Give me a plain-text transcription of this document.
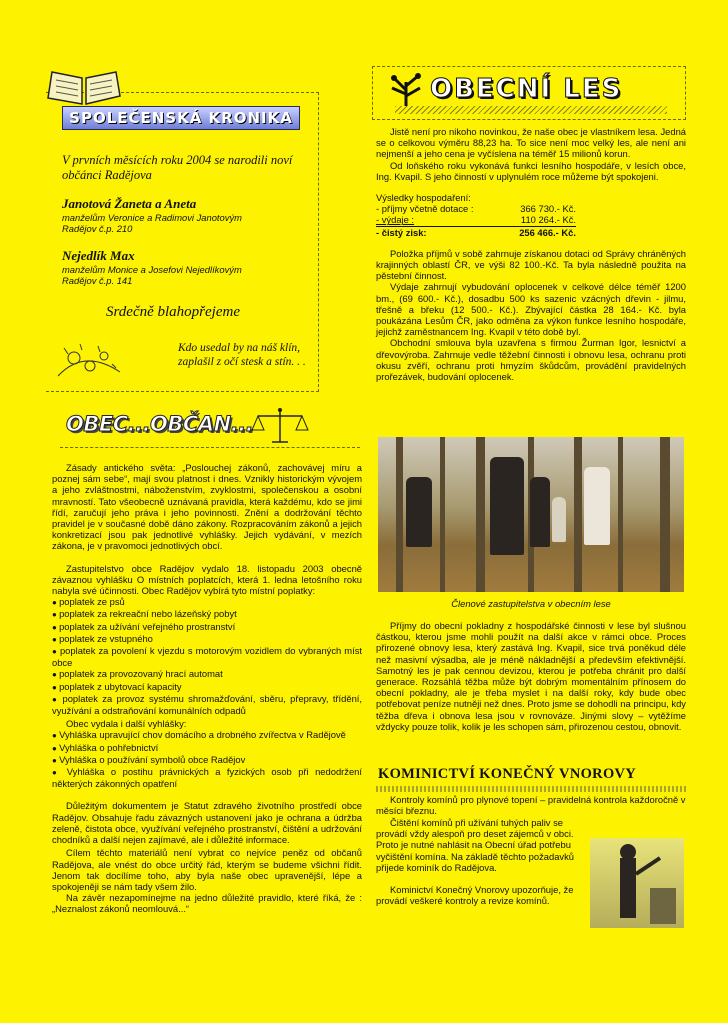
SPOLEČENSKÁ KRONIKA
V prvních měsících roku 2004 se narodili noví občánci Radějova
Janotová Žaneta a Aneta
manželům Veronice a Radimovi Janotovým
Radějov č.p. 210
Nejedlík Max
manželům Monice a Josefovi Nejedlíkovým
Radějov č.p. 141
Srdečně blahopřejeme
Kdo usedal by na náš klín,
zaplašil z očí stesk a stín. . .
OBEC...OBČAN...

Zásady antického světa: „Poslouchej zákonů, zachovávej míru a poznej sám sebe“, mají svou platnost i dnes. Vznikly historickým vývojem a jeho zvláštnostmi, náboženstvím, zvyklostmi, společenskou a osobní mravností. Tato všeobecně uznávaná pravidla, která každému, kdo se jimi řídí, zaručují jeho práva i jeho povinnosti. Znění a dodržování těchto pravidel je v současné době dáno zákony. Rozpracováním zákonů a jejich konkretizací jsou pak jednotlivé vyhlášky. Jejich vydávání, v mezích zákona, je v pravomoci jednotlivých obcí.

Zastupitelstvo obce Radějov vydalo 18. listopadu 2003 obecně závaznou vyhlášku O místních poplatcích, která 1. ledna letošního roku nabyla své účinnosti. Obec Radějov vybírá tyto místní poplatky:

● poplatek ze psů

● poplatek za rekreační nebo lázeňský pobyt

● poplatek za užívání veřejného prostranství

● poplatek ze vstupného

● poplatek za povolení k vjezdu s motorovým vozidlem do vybraných míst obce

● poplatek za provozovaný hrací automat

● poplatek z ubytovací kapacity

● poplatek za provoz systému shromažďování, sběru, přepravy, třídění, využívání a odstraňování komunálních odpadů

Obec vydala i další vyhlášky:

● Vyhláška upravující chov domácího a drobného zvířectva v Radějově

● Vyhláška o pohřebnictví

● Vyhláška o používání symbolů obce Radějov

● Vyhláška o postihu právnických a fyzických osob při nedodržení některých zákonných opatření

Důležitým dokumentem je Statut zdravého životního prostředí obce Radějov. Obsahuje řadu závazných ustanovení jako je ochrana a údržba zeleně, čistota obce, využívání veřejného prostranství, čištění a udržování chodníků a další nejen zajímavé, ale i důležité informace.

Cílem těchto materiálů není vybrat co nejvíce peněz od občanů Radějova, ale vnést do obce určitý řád, kterým se budeme všichni řídit. Jenom tak docílíme toho, aby byla naše obec upravenější, lépe a spokojeněji se nám tady všem žilo.

Na závěr nezapomínejme na jedno důležité pravidlo, které říká, že : „Neznalost zákonů neomlouvá...“

OBECNÍ LES

Jistě není pro nikoho novinkou, že naše obec je vlastníkem lesa. Jedná se o celkovou výměru 88,23 ha. To sice není moc velký les, ale není ani nejmenší a jeho cena je vyčíslena na téměř 15 milionů korun.

Od loňského roku vykonává funkci lesního hospodáře, v lesích obce, Ing. Kvapil. S jeho činností v uplynulém roce můžeme být spokojeni.

Výsledky hospodaření:

- příjmy včetně dotace :	366 730.- Kč.
- výdaje :	110 264.- Kč.
- čistý zisk:	256 466.- Kč.

Položka příjmů v sobě zahrnuje získanou dotaci od Správy chráněných krajinných oblastí ČR, ve výši 82 100.-Kč. Ta byla následně použita na pěstební činnost.

Výdaje zahrnují vybudování oplocenek v celkové délce téměř 1200 bm., (69 600.- Kč.), dosadbu 500 ks sazenic vzácných dřevin - jilmu, třešně a břeku (12 500.- Kč.). Zbývající částka 28 164.- Kč. byla poukázána Lesům ČR, jako odměna za výkon funkce lesního hospodáře, jejichž zaměstnancem Ing. Kvapil v této době byl.

Obchodní smlouva byla uzavřena s firmou Žurman Igor, lesnictví a dřevovýroba. Zahrnuje vedle těžební činnosti i obnovu lesa, ochranu proti okusu zvěří, ochranu proti hmyzím škůdcům, provádění pravidelných prořezávek, budování oplocenek.

Členové zastupitelstva v obecním lese

Příjmy do obecní pokladny z hospodářské činnosti v lese byl slušnou částkou, kterou jsme mohli použít na další akce v rámci obce. Proces přirozené obnovy lesa, který zastává Ing. Kvapil, sice trvá poněkud déle než masivní výsadba, ale je méně nákladnější a především efektivnější. Samotný les je pak cennou devizou, kterou je potřeba chránit pro další generace. Rozsáhlá těžba může být dobrým momentálním přínosem do obecní pokladny, ale je třeba myslet i na další roky, kdy bude obec potřebovat peníze nutněji než dnes. Proto jsme se dohodli na principu, kdy těžba dřeva i obnova lesa jsou v rovnováze. Jinými slovy – vytěžíme vždycky pouze tolik, kolik je les schopen sám, přirozenou cestou, obnovit.

KOMINICTVÍ KONEČNÝ VNOROVY

Kontroly komínů pro plynové topení – pravidelná kontrola každoročně v měsíci březnu.

Čištění komínů při užívání tuhých paliv se provádí vždy alespoň pro deset zájemců v obci. Proto je nutné nahlásit na Obecní úřad potřebu vyčištění komína. Na základě těchto požadavků přijede kominík do Radějova.

Kominictví Konečný Vnorovy upozorňuje, že provádí veškeré kontroly a revize komínů.
